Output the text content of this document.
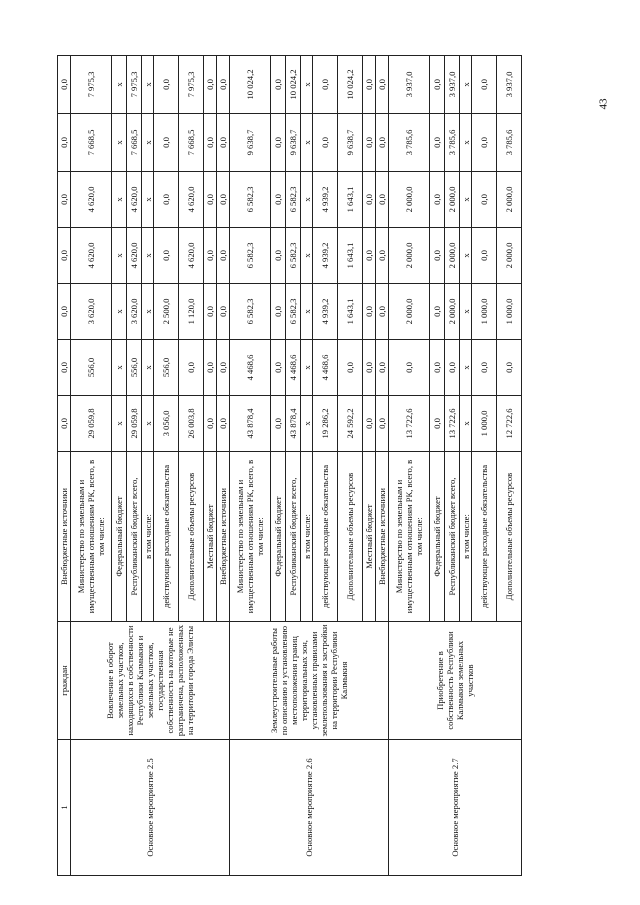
1	граждан	Внебюджетные источники	0,0	0,0	0,0	0,0	0,0	0,0	0,0
Основное мероприятие 2.5	Вовлечение в оборот земельных участков, находящихся в собственности Республики Калмыкия и земельных участков, государственная собственность на которые не разграничена, расположенных на территории города Элисты	Министерство по земельным и имущественным отношениям РК, всего, в том числе:	29 059,8	556,0	3 620,0	4 620,0	4 620,0	7 668,5	7 975,3
		Федеральный бюджет	х	х	х	х	х	х	х
		Республиканский бюджет всего,	29 059,8	556,0	3 620,0	4 620,0	4 620,0	7 668,5	7 975,3
		в том числе:	х	х	х	х	х	х	х
		действующие расходные обязательства	3 056,0	556,0	2 500,0	0,0	0,0	0,0	0,0
		Дополнительные объемы ресурсов	26 003,8	0,0	1 120,0	4 620,0	4 620,0	7 668,5	7 975,3
		Местный бюджет	0,0	0,0	0,0	0,0	0,0	0,0	0,0
		Внебюджетные источники	0,0	0,0	0,0	0,0	0,0	0,0	0,0
Основное мероприятие 2.6	Землеустроительные работы по описанию и установлению местоположения границ территориальных зон, установленных правилами землепользования и застройки на территории Республики Калмыкия	Министерство по земельным и имущественным отношениям РК, всего, в том числе:	43 878,4	4 468,6	6 582,3	6 582,3	6 582,3	9 638,7	10 024,2
		Федеральный бюджет	0,0	0,0	0,0	0,0	0,0	0,0	0,0
		Республиканский бюджет всего,	43 878,4	4 468,6	6 582,3	6 582,3	6 582,3	9 638,7	10 024,2
		в том числе:	х	х	х	х	х	х	х
		действующие расходные обязательства	19 286,2	4 468,6	4 939,2	4 939,2	4 939,2	0,0	0,0
		Дополнительные объемы ресурсов	24 592,2	0,0	1 643,1	1 643,1	1 643,1	9 638,7	10 024,2
		Местный бюджет	0,0	0,0	0,0	0,0	0,0	0,0	0,0
		Внебюджетные источники	0,0	0,0	0,0	0,0	0,0	0,0	0,0
Основное мероприятие 2.7	Приобретение в собственность Республики Калмыкия земельных участков	Министерство по земельным и имущественным отношениям РК, всего, в том числе:	13 722,6	0,0	2 000,0	2 000,0	2 000,0	3 785,6	3 937,0
		Федеральный бюджет	0,0	0,0	0,0	0,0	0,0	0,0	0,0
		Республиканский бюджет всего,	13 722,6	0,0	2 000,0	2 000,0	2 000,0	3 785,6	3 937,0
		в том числе:	х	х	х	х	х	х	х
		действующие расходные обязательства	1 000,0	0,0	1 000,0	0,0	0,0	0,0	0,0
		Дополнительные объемы ресурсов	12 722,6	0,0	1 000,0	2 000,0	2 000,0	3 785,6	3 937,0
43
